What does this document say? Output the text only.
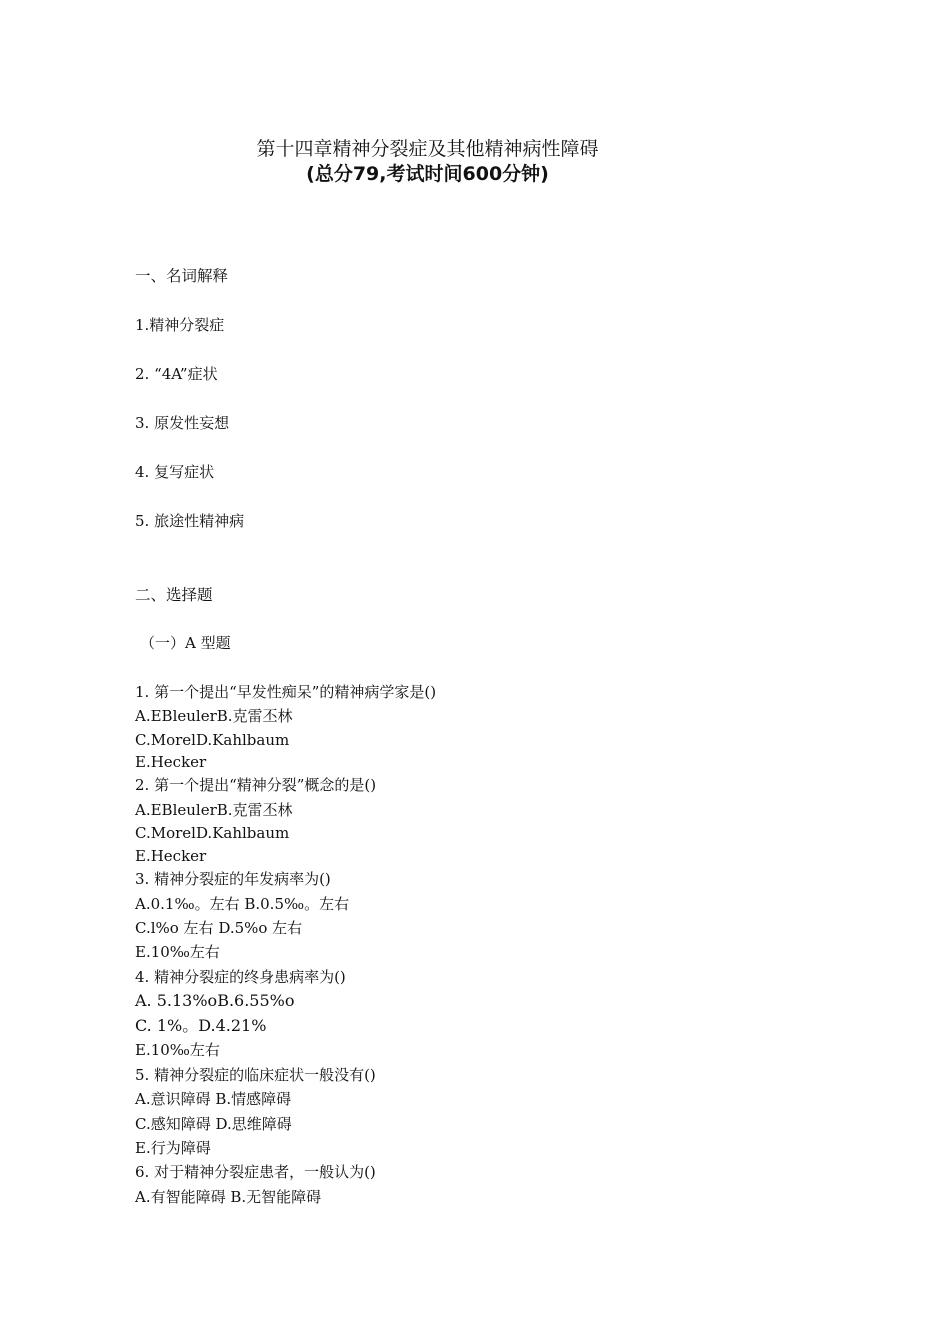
第十四章精神分裂症及其他精神病性障碍
(总分79,考试时间600分钟)
一、名词解释
1.精神分裂症
2. “4A”症状
3. 原发性妄想
4. 复写症状
5. 旅途性精神病
二、选择题
（一）A 型题
1. 第一个提出“早发性痴呆”的精神病学家是()
A.EBleulerB.克雷丕林
C.MorelD.Kahlbaum
E.Hecker
2. 第一个提出“精神分裂”概念的是()
A.EBleulerB.克雷丕林
C.MorelD.Kahlbaum
E.Hecker
3. 精神分裂症的年发病率为()
A.0.1‰。左右 B.0.5‰。左右
C.l%o 左右 D.5%o 左右
E.10‰左右
4. 精神分裂症的终身患病率为()
A. 5.13%oB.6.55%o
C. 1%。D.4.21%
E.10‰左右
5. 精神分裂症的临床症状一般没有()
A.意识障碍 B.情感障碍
C.感知障碍 D.思维障碍
E.行为障碍
6. 对于精神分裂症患者，一般认为()
A.有智能障碍 B.无智能障碍
